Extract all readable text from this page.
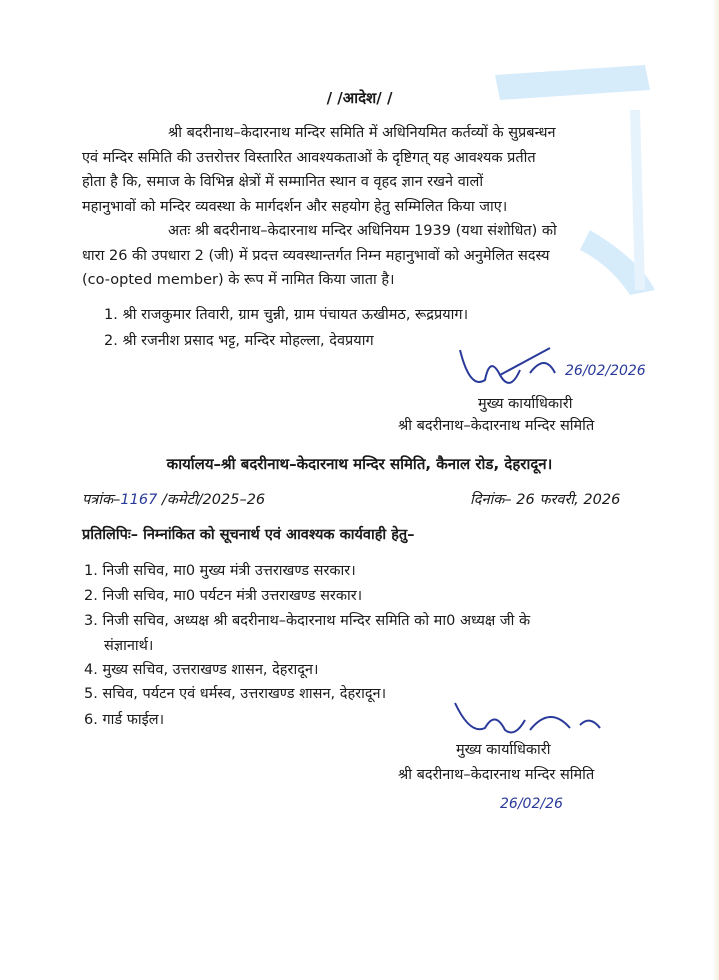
/ /आदेश/ /
श्री बदरीनाथ–केदारनाथ मन्दिर समिति में अधिनियमित कर्तव्यों के सुप्रबन्धन
एवं मन्दिर समिति की उत्तरोत्तर विस्तारित आवश्यकताओं के दृष्टिगत् यह आवश्यक प्रतीत
होता है कि, समाज के विभिन्न क्षेत्रों में सम्मानित स्थान व वृहद ज्ञान रखने वालों
महानुभावों को मन्दिर व्यवस्था के मार्गदर्शन और सहयोग हेतु सम्मिलित किया जाए।
अतः श्री बदरीनाथ–केदारनाथ मन्दिर अधिनियम 1939 (यथा संशोधित) को
धारा 26 की उपधारा 2 (जी) में प्रदत्त व्यवस्थान्तर्गत निम्न महानुभावों को अनुमेलित सदस्य
(co-opted member) के रूप में नामित किया जाता है।
1. श्री राजकुमार तिवारी, ग्राम चुन्नी, ग्राम पंचायत ऊखीमठ, रूद्रप्रयाग।
2. श्री रजनीश प्रसाद भट्ट, मन्दिर मोहल्ला, देवप्रयाग
26/02/2026
मुख्य कार्याधिकारी
श्री बदरीनाथ–केदारनाथ मन्दिर समिति
कार्यालय–श्री बदरीनाथ–केदारनाथ मन्दिर समिति, कैनाल रोड, देहरादून।
पत्रांक–1167 /कमेटी/2025–26	दिनांक– 26 फरवरी, 2026
प्रतिलिपिः– निम्नांकित को सूचनार्थ एवं आवश्यक कार्यवाही हेतु–
1. निजी सचिव, मा0 मुख्य मंत्री उत्तराखण्ड सरकार।
2. निजी सचिव, मा0 पर्यटन मंत्री उत्तराखण्ड सरकार।
3. निजी सचिव, अध्यक्ष श्री बदरीनाथ–केदारनाथ मन्दिर समिति को मा0 अध्यक्ष जी के
संज्ञानार्थ।
4. मुख्य सचिव, उत्तराखण्ड शासन, देहरादून।
5. सचिव, पर्यटन एवं धर्मस्व, उत्तराखण्ड शासन, देहरादून।
6. गार्ड फाईल।
26/02/26
मुख्य कार्याधिकारी
श्री बदरीनाथ–केदारनाथ मन्दिर समिति
